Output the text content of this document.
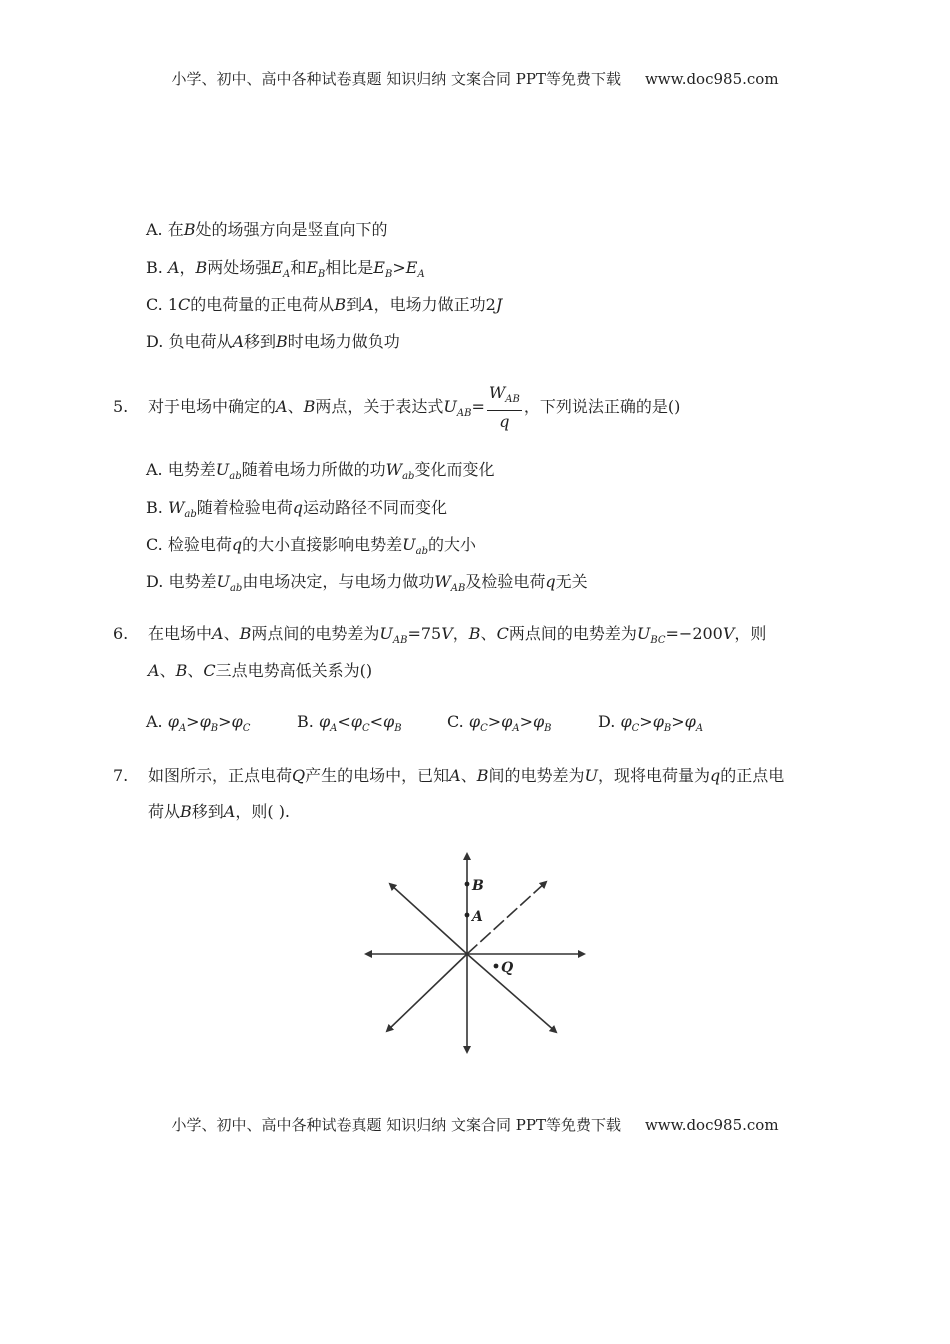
小学、初中、高中各种试卷真题 知识归纳 文案合同 PPT等免费下载 www.doc985.com
A. 在B处的场强方向是竖直向下的
B. A，B两处场强$E_A$和$E_B$相比是$E_B>E_A$
C. 1C的电荷量的正电荷从B到A，电场力做正功2J
D. 负电荷从A移到B时电场力做负功
5. 对于电场中确定的A、B两点，关于表达式$U_{AB}= \frac{W_{AB}}{q}$ ，下列说法正确的是()
A. 电势差$U_{ab}$随着电场力所做的功$W_{ab}$变化而变化
B. $W_{ab}$随着检验电荷q运动路径不同而变化
C. 检验电荷q的大小直接影响电势差$U_{ab}$的大小
D. 电势差$U_{ab}$由电场决定，与电场力做功$W_{AB}$及检验电荷q无关
6. 在电场中A、B两点间的电势差为$U_{AB}=75V$，B、C两点间的电势差为$U_{BC}=-200V$，则
A、B、C三点电势高低关系为()
A. $\varphi_A>\varphi_B>\varphi_C$	B. $\varphi_A<\varphi_C<\varphi_B$	C. $\varphi_C>\varphi_A>\varphi_B$	D. $\varphi_C>\varphi_B>\varphi_A$
7. 如图所示，正点电荷Q产生的电场中，已知A、B间的电势差为U，现将电荷量为q的正点电
荷从B移到A，则( ).
B
A
Q
小学、初中、高中各种试卷真题 知识归纳 文案合同 PPT等免费下载 www.doc985.com
